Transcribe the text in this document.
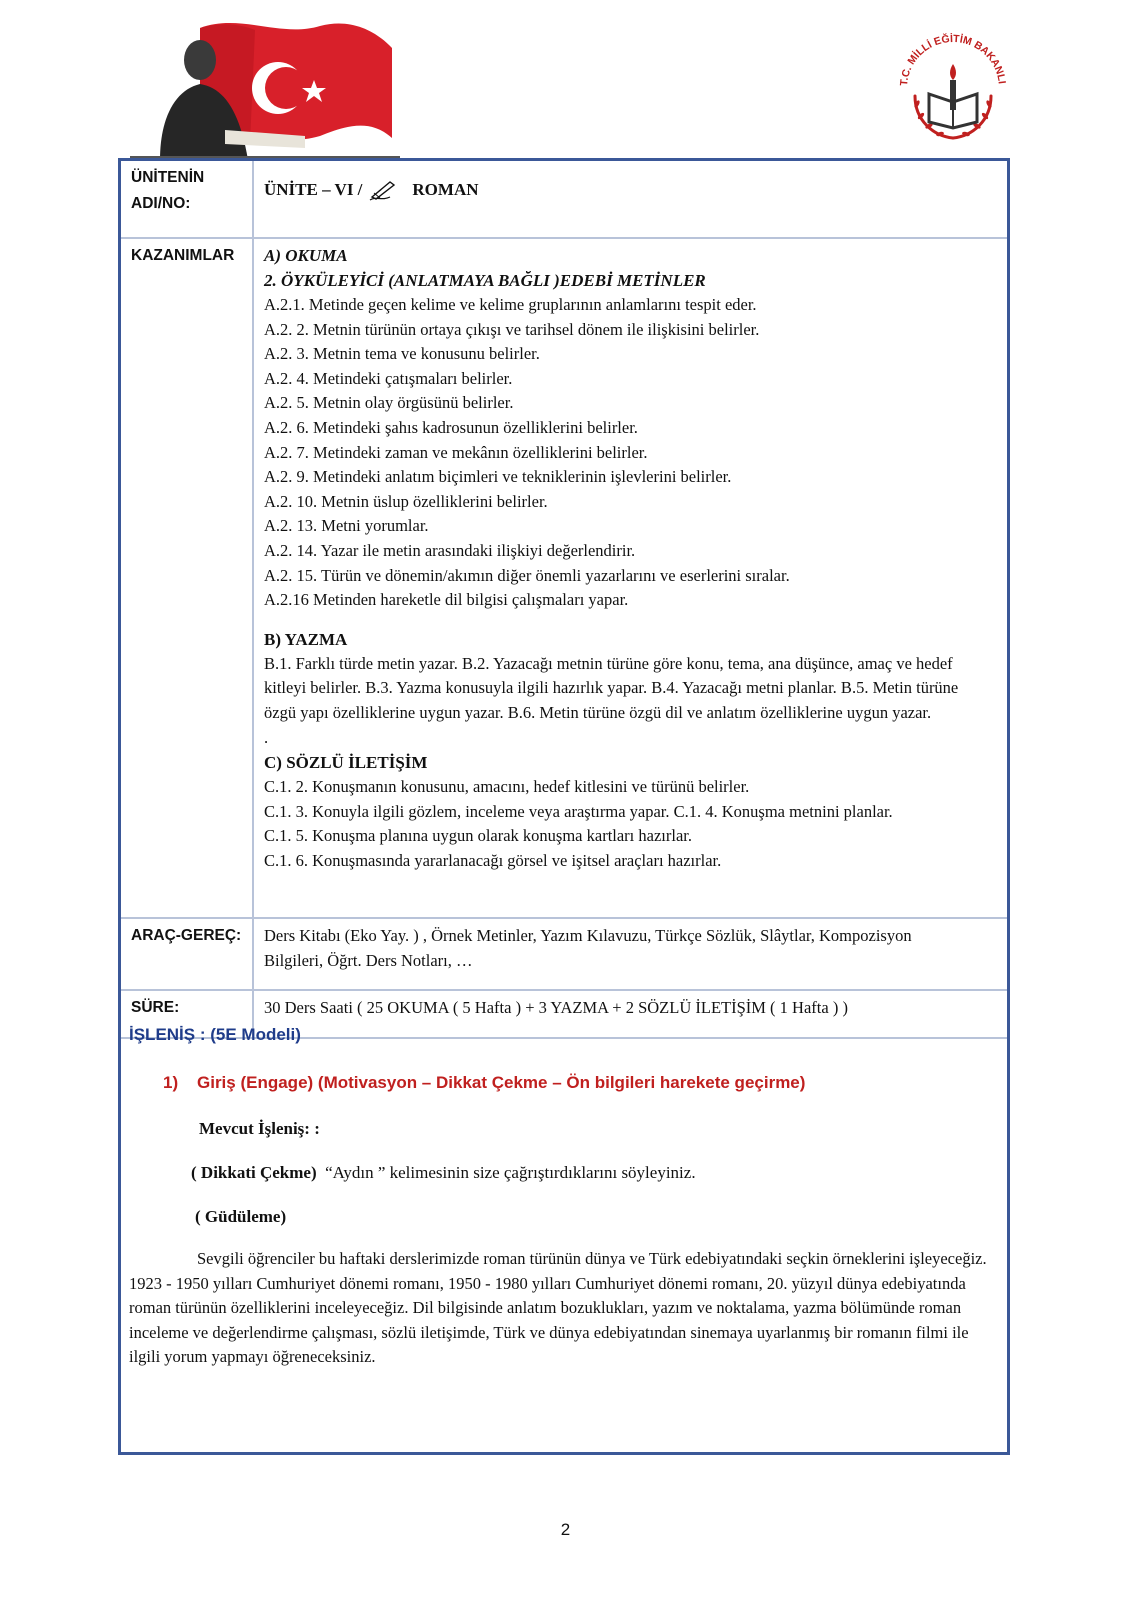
T.C. MİLLİ EĞİTİM BAKANLI
ÜNİTENİN ADI/NO:
ÜNİTE – VI /	ROMAN
KAZANIMLAR	A) OKUMA
2. ÖYKÜLEYİCİ (ANLATMAYA BAĞLI )EDEBİ METİNLER
A.2.1. Metinde geçen kelime ve kelime gruplarının anlamlarını tespit eder.
A.2. 2. Metnin türünün ortaya çıkışı ve tarihsel dönem ile ilişkisini belirler.
A.2. 3. Metnin tema ve konusunu belirler.
A.2. 4. Metindeki çatışmaları belirler.
A.2. 5. Metnin olay örgüsünü belirler.
A.2. 6. Metindeki şahıs kadrosunun özelliklerini belirler.
A.2. 7. Metindeki zaman ve mekânın özelliklerini belirler.
A.2. 9. Metindeki anlatım biçimleri ve tekniklerinin işlevlerini belirler.
A.2. 10. Metnin üslup özelliklerini belirler.
A.2. 13. Metni yorumlar.
A.2. 14. Yazar ile metin arasındaki ilişkiyi değerlendirir.
A.2. 15. Türün ve dönemin/akımın diğer önemli yazarlarını ve eserlerini sıralar.
A.2.16 Metinden hareketle dil bilgisi çalışmaları yapar.
B) YAZMA
B.1. Farklı türde metin yazar. B.2. Yazacağı metnin türüne göre konu, tema, ana düşünce, amaç ve hedef kitleyi belirler. B.3. Yazma konusuyla ilgili hazırlık yapar. B.4. Yazacağı metni planlar. B.5. Metin türüne özgü yapı özelliklerine uygun yazar. B.6. Metin türüne özgü dil ve anlatım özelliklerine uygun yazar.
.
C) SÖZLÜ İLETİŞİM
C.1. 2. Konuşmanın konusunu, amacını, hedef kitlesini ve türünü belirler.
C.1. 3. Konuyla ilgili gözlem, inceleme veya araştırma yapar. C.1. 4. Konuşma metnini planlar.
C.1. 5. Konuşma planına uygun olarak konuşma kartları hazırlar.
C.1. 6. Konuşmasında yararlanacağı görsel ve işitsel araçları hazırlar.
ARAÇ-GEREÇ:	Ders Kitabı (Eko Yay. ) , Örnek Metinler, Yazım Kılavuzu, Türkçe Sözlük, Slâytlar, Kompozisyon Bilgileri, Öğrt. Ders Notları, …
SÜRE:	30 Ders Saati ( 25 OKUMA ( 5 Hafta ) + 3 YAZMA + 2 SÖZLÜ İLETİŞİM ( 1 Hafta ) )
İŞLENİŞ : (5E Modeli)
1) Giriş (Engage) (Motivasyon – Dikkat Çekme – Ön bilgileri harekete geçirme)
Mevcut İşleniş: :
( Dikkati Çekme) “Aydın ” kelimesinin size çağrıştırdıklarını söyleyiniz.
( Güdüleme)
Sevgili öğrenciler bu haftaki derslerimizde roman türünün dünya ve Türk edebiyatındaki seçkin örneklerini işleyeceğiz. 1923 - 1950 yılları Cumhuriyet dönemi romanı, 1950 - 1980 yılları Cumhuriyet dönemi romanı, 20. yüzyıl dünya edebiyatında roman türünün özelliklerini inceleyeceğiz. Dil bilgisinde anlatım bozuklukları, yazım ve noktalama, yazma bölümünde roman inceleme ve değerlendirme çalışması, sözlü iletişimde, Türk ve dünya edebiyatından sinemaya uyarlanmış bir romanın filmi ile ilgili yorum yapmayı öğreneceksiniz.
2
